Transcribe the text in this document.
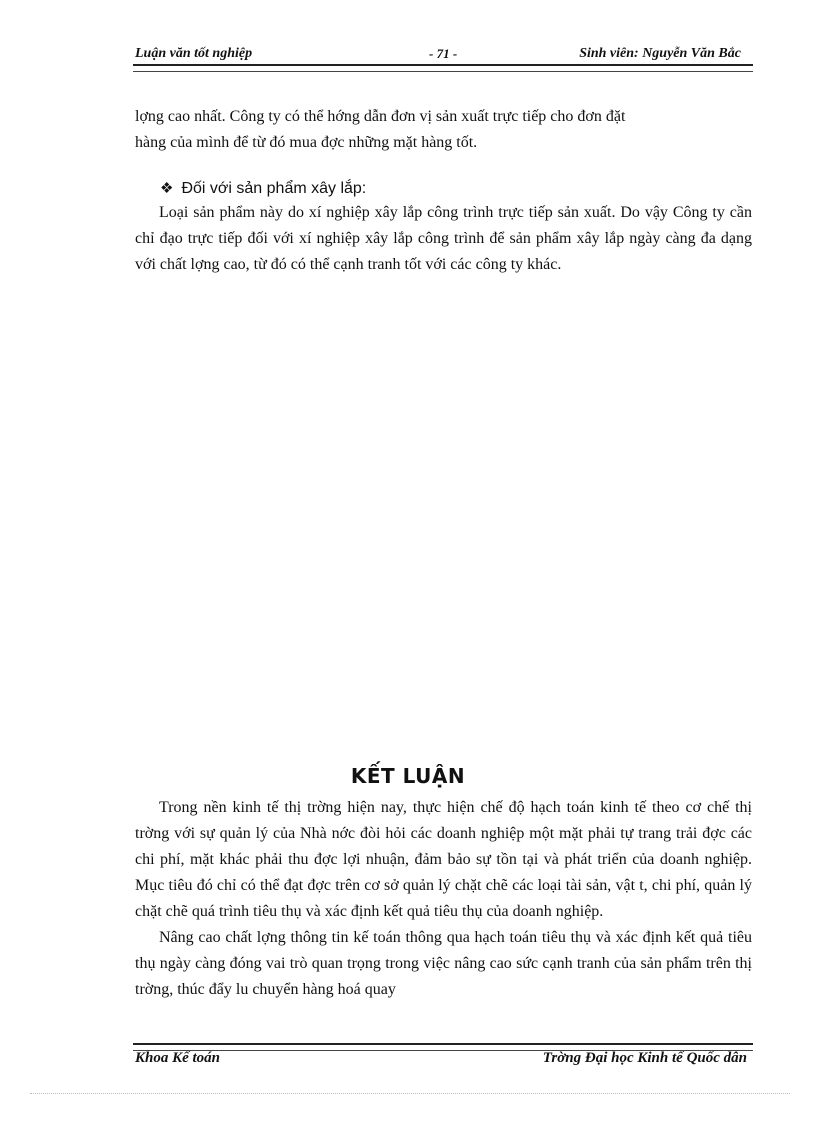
Luận văn tốt nghiệp	- 71 -	Sinh viên: Nguyễn Văn Bắc

lợng cao nhất. Công ty có thể hớng dẫn đơn vị sản xuất trực tiếp cho đơn đặt

hàng của mình để từ đó mua đợc những mặt hàng tốt.

❖ Đối với sản phẩm xây lắp:

Loại sản phẩm này do xí nghiệp xây lắp công trình trực tiếp sản xuất. Do vậy Công ty cần chỉ đạo trực tiếp đối với xí nghiệp xây lắp công trình để sản phẩm xây lắp ngày càng đa dạng với chất lợng cao, từ đó có thể cạnh tranh tốt với các công ty khác.

KẾT LUẬN

Trong nền kinh tế thị trờng hiện nay, thực hiện chế độ hạch toán kinh tế theo cơ chế thị trờng với sự quản lý của Nhà nớc đòi hỏi các doanh nghiệp một mặt phải tự trang trải đợc các chi phí, mặt khác phải thu đợc lợi nhuận, đảm bảo sự tồn tại và phát triển của doanh nghiệp. Mục tiêu đó chỉ có thể đạt đợc trên cơ sở quản lý chặt chẽ các loại tài sản, vật t, chi phí, quản lý chặt chẽ quá trình tiêu thụ và xác định kết quả tiêu thụ của doanh nghiệp.

Nâng cao chất lợng thông tin kế toán thông qua hạch toán tiêu thụ và xác định kết quả tiêu thụ ngày càng đóng vai trò quan trọng trong việc nâng cao sức cạnh tranh của sản phẩm trên thị trờng, thúc đẩy lu chuyển hàng hoá quay

Khoa Kế toán	Trờng Đại học Kinh tế Quốc dân
